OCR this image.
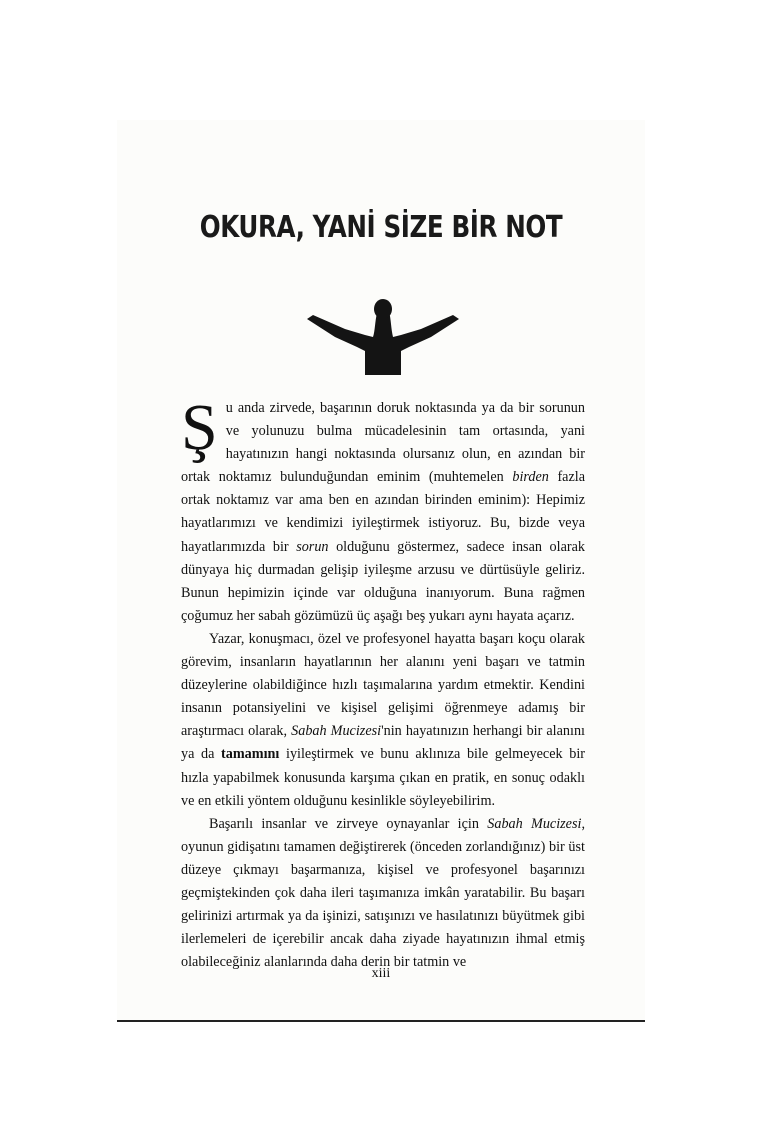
OKURA, YANİ SİZE BİR NOT

Şu anda zirvede, başarının doruk noktasında ya da bir sorunun ve yolunuzu bulma mücadelesinin tam ortasında, yani hayatınızın hangi noktasında olursanız olun, en azından bir ortak noktamız bulunduğundan eminim (muhtemelen birden fazla ortak noktamız var ama ben en azından birinden eminim): Hepimiz hayatlarımızı ve kendimizi iyileştirmek istiyoruz. Bu, bizde veya hayatlarımızda bir sorun olduğunu göstermez, sadece insan olarak dünyaya hiç durmadan gelişip iyileşme arzusu ve dürtüsüyle geliriz. Bunun hepimizin içinde var olduğuna inanıyorum. Buna rağmen çoğumuz her sabah gözümüzü üç aşağı beş yukarı aynı hayata açarız.

Yazar, konuşmacı, özel ve profesyonel hayatta başarı koçu olarak görevim, insanların hayatlarının her alanını yeni başarı ve tatmin düzeylerine olabildiğince hızlı taşımalarına yardım etmektir. Kendini insanın potansiyelini ve kişisel gelişimi öğrenmeye adamış bir araştırmacı olarak, Sabah Mucizesi'nin hayatınızın herhangi bir alanını ya da tamamını iyileştirmek ve bunu aklınıza bile gelmeyecek bir hızla yapabilmek konusunda karşıma çıkan en pratik, en sonuç odaklı ve en etkili yöntem olduğunu kesinlikle söyleyebilirim.

Başarılı insanlar ve zirveye oynayanlar için Sabah Mucizesi, oyunun gidişatını tamamen değiştirerek (önceden zorlandığınız) bir üst düzeye çıkmayı başarmanıza, kişisel ve profesyonel başarınızı geçmiştekinden çok daha ileri taşımanıza imkân yaratabilir. Bu başarı gelirinizi artırmak ya da işinizi, satışınızı ve hasılatınızı büyütmek gibi ilerlemeleri de içerebilir ancak daha ziyade hayatınızın ihmal etmiş olabileceğiniz alanlarında daha derin bir tatmin ve

xiii
